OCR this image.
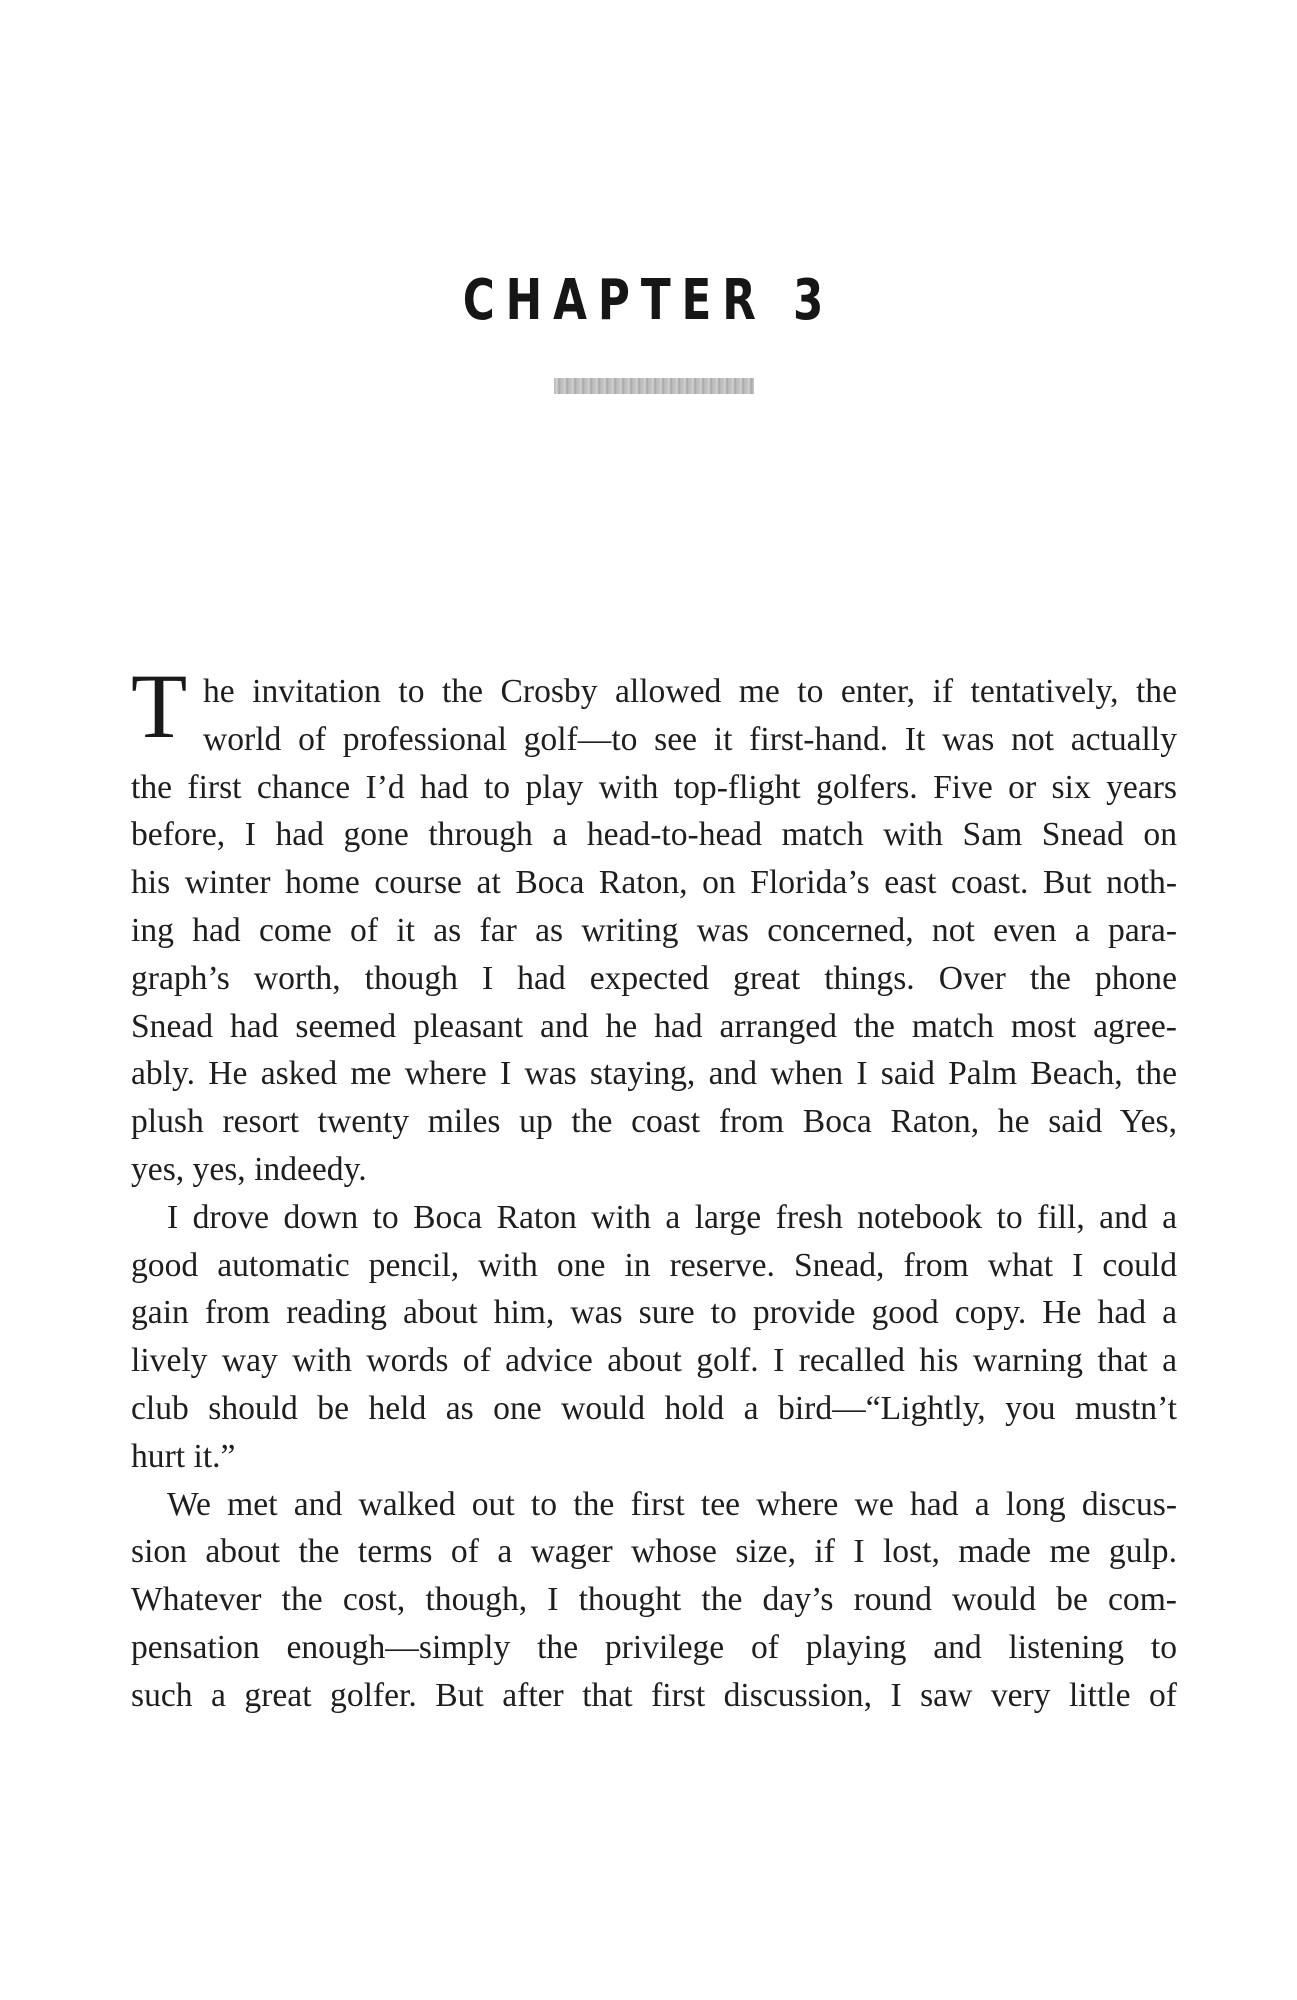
CHAPTER 3
T he invitation to the Crosby allowed me to enter, if tentatively, the
world of professional golf—to see it first-hand. It was not actually
the first chance I’d had to play with top-flight golfers. Five or six years
before, I had gone through a head-to-head match with Sam Snead on
his winter home course at Boca Raton, on Florida’s east coast. But noth-
ing had come of it as far as writing was concerned, not even a para-
graph’s worth, though I had expected great things. Over the phone
Snead had seemed pleasant and he had arranged the match most agree-
ably. He asked me where I was staying, and when I said Palm Beach, the
plush resort twenty miles up the coast from Boca Raton, he said Yes,
yes, yes, indeedy.
I drove down to Boca Raton with a large fresh notebook to fill, and a
good automatic pencil, with one in reserve. Snead, from what I could
gain from reading about him, was sure to provide good copy. He had a
lively way with words of advice about golf. I recalled his warning that a
club should be held as one would hold a bird—“Lightly, you mustn’t
hurt it.”
We met and walked out to the first tee where we had a long discus-
sion about the terms of a wager whose size, if I lost, made me gulp.
Whatever the cost, though, I thought the day’s round would be com-
pensation enough—simply the privilege of playing and listening to
such a great golfer. But after that first discussion, I saw very little of
